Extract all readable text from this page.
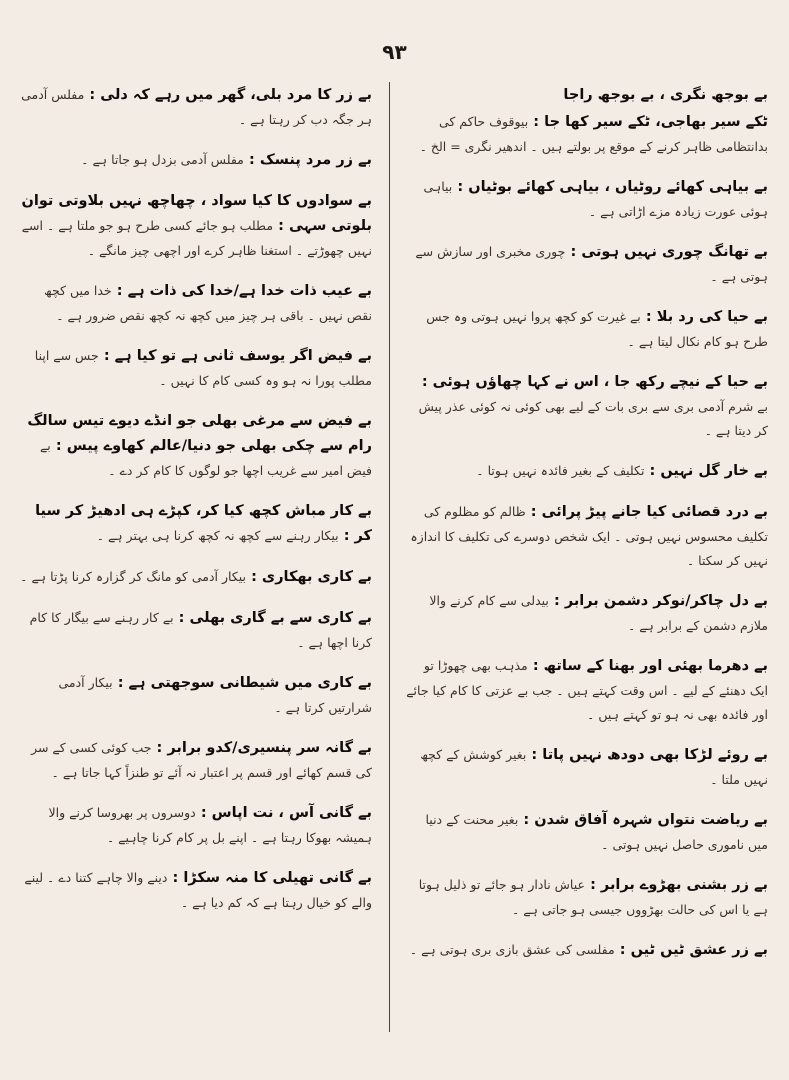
۹۳

بے بوجھ نگری ، بے بوجھ راجا

ٹکے سیر بھاجی، ٹکے سیر کھا جا : بیوقوف حاکم کی بدانتظامی ظاہر کرنے کے موقع پر بولتے ہیں ۔ اندھیر نگری = الخ ۔

بے بیاہی کھائے روٹیاں ، بیاہی کھائے بوٹیاں : بیاہی ہوئی عورت زیادہ مزے اڑاتی ہے ۔

بے تھانگ چوری نہیں ہوتی : چوری مخبری اور سازش سے ہوتی ہے ۔

بے حیا کی رد بلا : بے غیرت کو کچھ پروا نہیں ہوتی وہ جس طرح ہو کام نکال لیتا ہے ۔

بے حیا کے نیچے رکھ جا ، اس نے کہا چھاؤں ہوئی : بے شرم آدمی بری سے بری بات کے لیے بھی کوئی نہ کوئی عذر پیش کر دیتا ہے ۔

بے خار گل نہیں : تکلیف کے بغیر فائدہ نہیں ہوتا ۔

بے درد قصائی کیا جانے پیڑ پرائی : ظالم کو مظلوم کی تکلیف محسوس نہیں ہوتی ۔ ایک شخص دوسرے کی تکلیف کا اندازہ نہیں کر سکتا ۔

بے دل چاکر/نوکر دشمن برابر : بیدلی سے کام کرنے والا ملازم دشمن کے برابر ہے ۔

بے دھرما بھئی اور بھنا کے ساتھ : مذہب بھی چھوڑا تو ایک دھنئے کے لیے ۔ اس وقت کہتے ہیں ۔ جب بے عزتی کا کام کیا جائے اور فائدہ بھی نہ ہو تو کہتے ہیں ۔

بے روئے لڑکا بھی دودھ نہیں پاتا : بغیر کوشش کے کچھ نہیں ملتا ۔

بے ریاضت نتواں شہرہ آفاق شدن : بغیر محنت کے دنیا میں ناموری حاصل نہیں ہوتی ۔

بے زر بشنی بھڑوے برابر : عیاش نادار ہو جائے تو ذلیل ہوتا ہے یا اس کی حالت بھڑووں جیسی ہو جاتی ہے ۔

بے زر عشق ٹیں ٹیں : مفلسی کی عشق بازی بری ہوتی ہے ۔

بے زر کا مرد بلی، گھر میں رہے کہ دلی : مفلس آدمی ہر جگہ دب کر رہتا ہے ۔

بے زر مرد پنسک : مفلس آدمی بزدل ہو جاتا ہے ۔

بے سوادوں کا کیا سواد ، چھاچھ نہیں بلاوتی توان بلوتی سہی : مطلب ہو جائے کسی طرح ہو جو ملتا ہے ۔ اسے نہیں چھوڑتے ۔ استغنا ظاہر کرے اور اچھی چیز مانگے ۔

بے عیب ذات خدا ہے/خدا کی ذات ہے : خدا میں کچھ نقص نہیں ۔ باقی ہر چیز میں کچھ نہ کچھ نقص ضرور ہے ۔

بے فیض اگر یوسف ثانی ہے تو کیا ہے : جس سے اپنا مطلب پورا نہ ہو وہ کسی کام کا نہیں ۔

بے فیض سے مرغی بھلی جو انڈے دیوے تیس سالگ رام سے چکی بھلی جو دنیا/عالم کھاوے پیس : بے فیض امیر سے غریب اچھا جو لوگوں کا کام کر دے ۔

بے کار مباش کچھ کیا کر، کپڑے ہی ادھیڑ کر سیا کر : بیکار رہنے سے کچھ نہ کچھ کرنا ہی بہتر ہے ۔

بے کاری بھکاری : بیکار آدمی کو مانگ کر گزارہ کرنا پڑتا ہے ۔

بے کاری سے بے گاری بھلی : بے کار رہنے سے بیگار کا کام کرنا اچھا ہے ۔

بے کاری میں شیطانی سوجھتی ہے : بیکار آدمی شرارتیں کرتا ہے ۔

بے گانہ سر پنسیری/کدو برابر : جب کوئی کسی کے سر کی قسم کھائے اور قسم پر اعتبار نہ آئے تو طنزاً کہا جاتا ہے ۔

بے گانی آس ، نت اپاس : دوسروں پر بھروسا کرنے والا ہمیشہ بھوکا رہتا ہے ۔ اپنے بل پر کام کرنا چاہیے ۔

بے گانی تھیلی کا منہ سکڑا : دینے والا چاہے کتنا دے ۔ لینے والے کو خیال رہتا ہے کہ کم دیا ہے ۔
